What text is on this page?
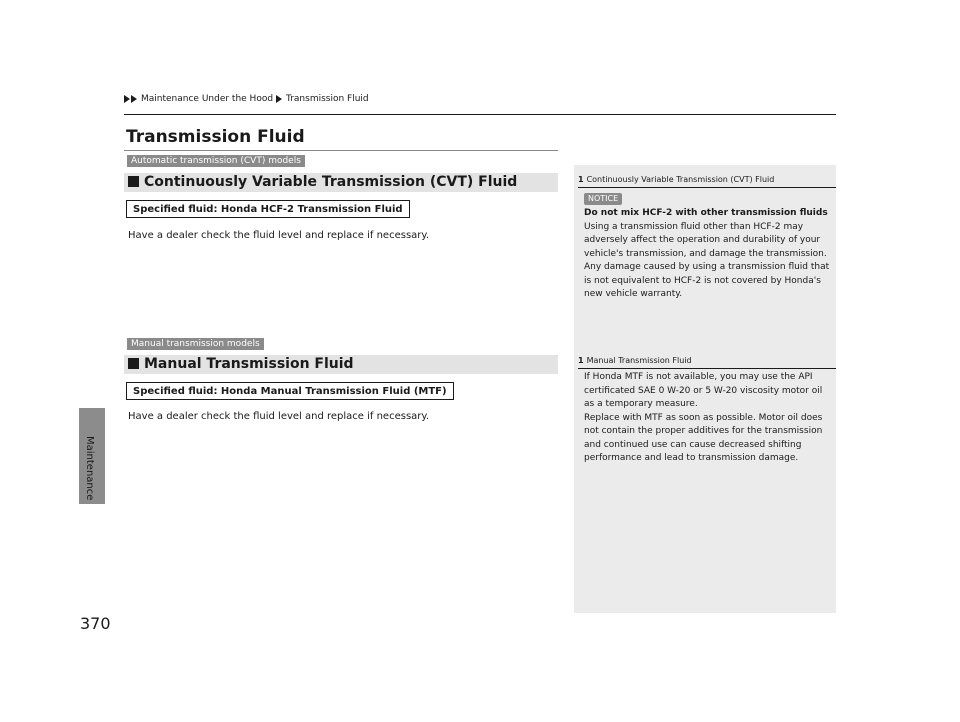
Maintenance
370
Maintenance Under the Hood Transmission Fluid
Transmission Fluid
Automatic transmission (CVT) models
Continuously Variable Transmission (CVT) Fluid
Specified fluid: Honda HCF-2 Transmission Fluid
Have a dealer check the fluid level and replace if necessary.
Manual transmission models
Manual Transmission Fluid
Specified fluid: Honda Manual Transmission Fluid (MTF)
Have a dealer check the fluid level and replace if necessary.
1 Continuously Variable Transmission (CVT) Fluid
NOTICE
Do not mix HCF-2 with other transmission fluids
Using a transmission fluid other than HCF-2 may
adversely affect the operation and durability of your
vehicle's transmission, and damage the transmission.
Any damage caused by using a transmission fluid that
is not equivalent to HCF-2 is not covered by Honda's
new vehicle warranty.
1 Manual Transmission Fluid
If Honda MTF is not available, you may use the API
certificated SAE 0 W-20 or 5 W-20 viscosity motor oil
as a temporary measure.
Replace with MTF as soon as possible. Motor oil does
not contain the proper additives for the transmission
and continued use can cause decreased shifting
performance and lead to transmission damage.
